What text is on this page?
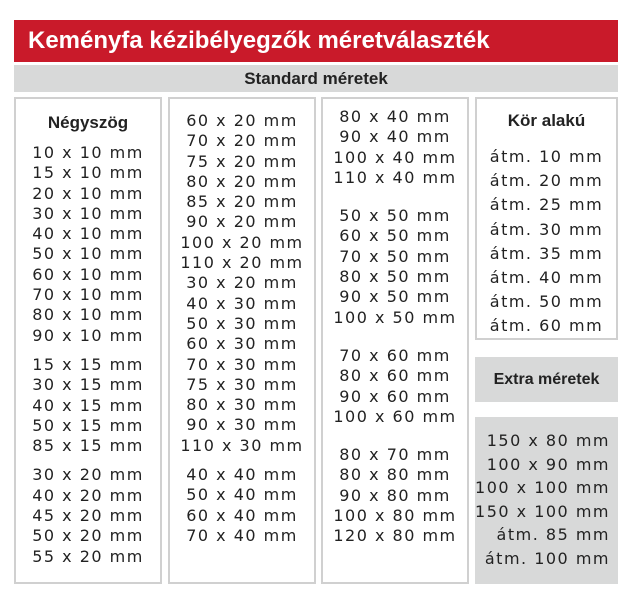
Keményfa kézibélyegzők méretválaszték
Standard méretek
Négyszög
10 x 10 mm
15 x 10 mm
20 x 10 mm
30 x 10 mm
40 x 10 mm
50 x 10 mm
60 x 10 mm
70 x 10 mm
80 x 10 mm
90 x 10 mm
15 x 15 mm
30 x 15 mm
40 x 15 mm
50 x 15 mm
85 x 15 mm
30 x 20 mm
40 x 20 mm
45 x 20 mm
50 x 20 mm
55 x 20 mm
60 x 20 mm
70 x 20 mm
75 x 20 mm
80 x 20 mm
85 x 20 mm
90 x 20 mm
100 x 20 mm
110 x 20 mm
30 x 20 mm
40 x 30 mm
50 x 30 mm
60 x 30 mm
70 x 30 mm
75 x 30 mm
80 x 30 mm
90 x 30 mm
110 x 30 mm
40 x 40 mm
50 x 40 mm
60 x 40 mm
70 x 40 mm
80 x 40 mm
90 x 40 mm
100 x 40 mm
110 x 40 mm
50 x 50 mm
60 x 50 mm
70 x 50 mm
80 x 50 mm
90 x 50 mm
100 x 50 mm
70 x 60 mm
80 x 60 mm
90 x 60 mm
100 x 60 mm
80 x 70 mm
80 x 80 mm
90 x 80 mm
100 x 80 mm
120 x 80 mm
Kör alakú
átm. 10 mm
átm. 20 mm
átm. 25 mm
átm. 30 mm
átm. 35 mm
átm. 40 mm
átm. 50 mm
átm. 60 mm
Extra méretek
150 x 80 mm
100 x 90 mm
100 x 100 mm
150 x 100 mm
átm. 85 mm
átm. 100 mm
